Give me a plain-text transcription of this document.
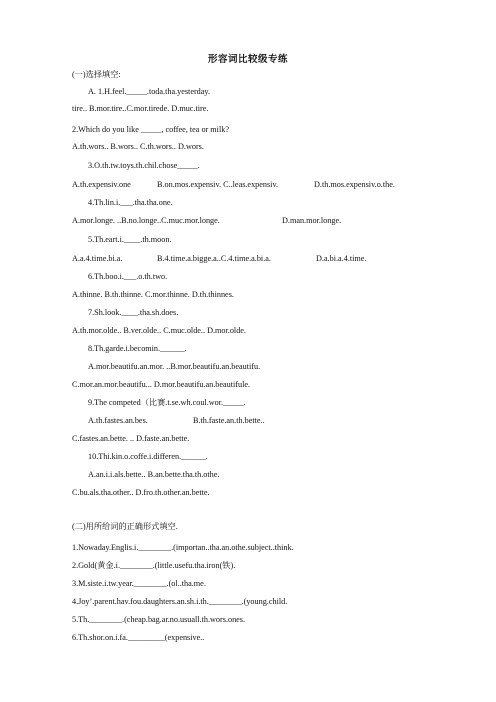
形容词比较级专练
(一)选择填空:
A. 1.H.feel._____.toda.tha.yesterday.
tire.. B.mor.tire..C.mor.tirede. D.muc.tire.
2.Which do you like _____, coffee, tea or milk?
A.th.wors.. B.wors.. C.th.wors.. D.wors.
3.O.th.tw.toys.th.chil.chose_____.
A.th.expensiv.one	B.on.mos.expensiv. C..leas.expensiv.	D.th.mos.expensiv.o.the.
4.Th.lin.i.___.tha.tha.one.
A.mor.longe. ..B.no.longe..C.muc.mor.longe.	D.man.mor.longe.
5.Th.eart.i.____.th.moon.
A.a.4.time.bi.a.	B.4.time.a.bigge.a..C.4.time.a.bi.a.	D.a.bi.a.4.time.
6.Th.boo.i.___.o.th.two.
A.thinne. B.th.thinne. C.mor.thinne. D.th.thinnes.
7.Sh.look.____.tha.sh.does.
A.th.mor.olde.. B.ver.olde.. C.muc.olde.. D.mor.olde.
8.Th.garde.i.becomin.______.
A.mor.beautifu.an.mor. ..B.mor.beautifu.an.beautifu.
C.mor.an.mor.beautifu... D.mor.beautifu.an.beautifule.
9.The competed（比赛.t.se.wh.coul.wor._____.
A.th.fastes.an.bes.	B.th.faste.an.th.bette..
C.fastes.an.bette. .. D.faste.an.bette.
10.Thi.kin.o.coffe.i.differen.______.
A.an.i.i.als.bette.. B.an.bette.tha.th.othe.
C.bu.als.tha.other.. D.fro.th.other.an.bette.
(二)用所给词的正确形式填空.
1.Nowaday.Englis.i.________.(importan..tha.an.othe.subject..think.
2.Gold(黄金.i.________.(little.usefu.tha.iron(铁).
3.M.siste.i.tw.year.________.(ol..tha.me.
4.Joy’.parent.hav.fou.daughters.an.sh.i.th.________.(young.child.
5.Th.________.(cheap.bag.ar.no.usuall.th.wors.ones.
6.Th.shor.on.i.fa._________(expensive..
